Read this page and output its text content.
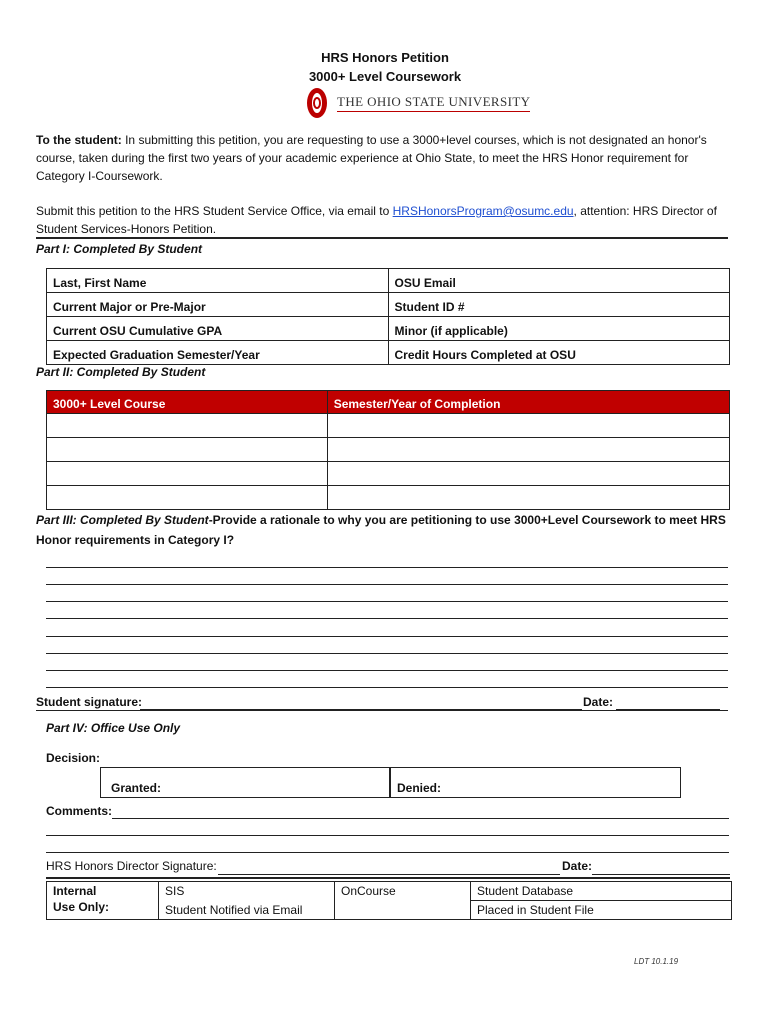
HRS Honors Petition
3000+ Level Coursework
THE OHIO STATE UNIVERSITY
To the student: In submitting this petition, you are requesting to use a 3000+level courses, which is not designated an honor's course, taken during the first two years of your academic experience at Ohio State, to meet the HRS Honor requirement for Category I-Coursework.
Submit this petition to the HRS Student Service Office, via email to HRSHonorsProgram@osumc.edu, attention: HRS Director of Student Services-Honors Petition.
Part I: Completed By Student
Last, First Name	OSU Email
Current Major or Pre-Major	Student ID #
Current OSU Cumulative GPA	Minor (if applicable)
Expected Graduation Semester/Year	Credit Hours Completed at OSU
Part II: Completed By Student
3000+ Level Course	Semester/Year of Completion

Part III: Completed By Student-Provide a rationale to why you are petitioning to use 3000+Level Coursework to meet HRS Honor requirements in Category I?
Student signature:	Date:
Part IV: Office Use Only
Decision:
Granted:	Denied:
Comments:
HRS Honors Director Signature:	Date:
Internal
Use Only:	SIS	OnCourse	Student Database
	Student Notified via Email		Placed in Student File
LDT 10.1.19
